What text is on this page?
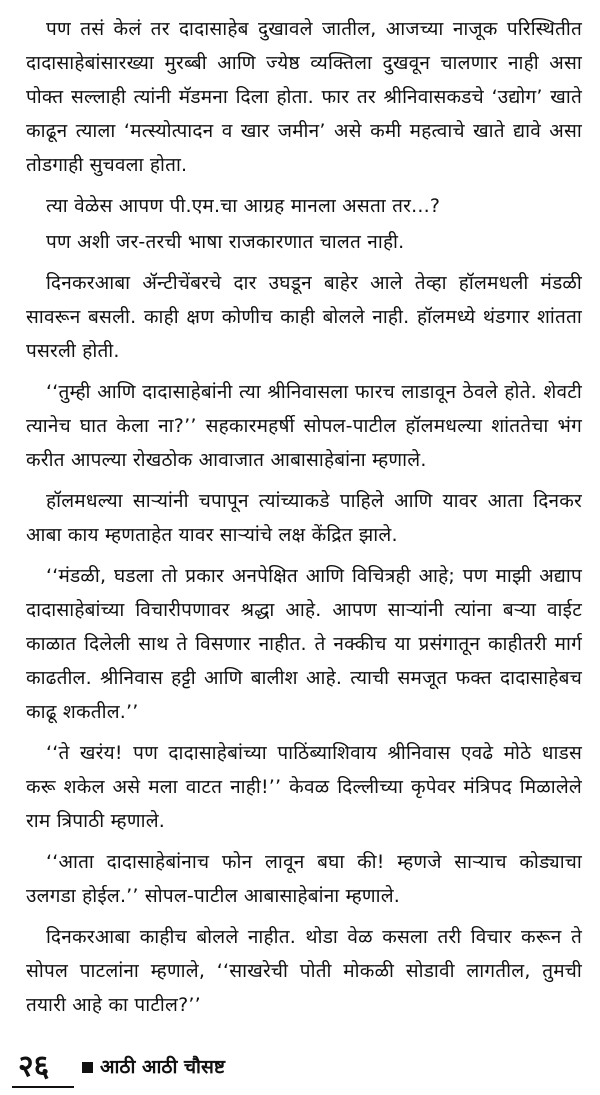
पण तसं केलं तर दादासाहेब दुखावले जातील, आजच्या नाजूक परिस्थितीत दादासाहेबांसारख्या मुरब्बी आणि ज्येष्ठ व्यक्तिला दुखवून चालणार नाही असा पोक्त सल्लाही त्यांनी मॅडमना दिला होता. फार तर श्रीनिवासकडचे ‘उद्योग’ खाते काढून त्याला ‘मत्स्योत्पादन व खार जमीन’ असे कमी महत्वाचे खाते द्यावे असा तोडगाही सुचवला होता.

त्या वेळेस आपण पी.एम.चा आग्रह मानला असता तर...?

पण अशी जर-तरची भाषा राजकारणात चालत नाही.

दिनकरआबा ॲन्टीचेंबरचे दार उघडून बाहेर आले तेव्हा हॉलमधली मंडळी सावरून बसली. काही क्षण कोणीच काही बोलले नाही. हॉलमध्ये थंडगार शांतता पसरली होती.

‘‘तुम्ही आणि दादासाहेबांनी त्या श्रीनिवासला फारच लाडावून ठेवले होते. शेवटी त्यानेच घात केला ना?’’ सहकारमहर्षी सोपल-पाटील हॉलमधल्या शांततेचा भंग करीत आपल्या रोखठोक आवाजात आबासाहेबांना म्हणाले.

हॉलमधल्या साऱ्यांनी चपापून त्यांच्याकडे पाहिले आणि यावर आता दिनकर आबा काय म्हणताहेत यावर साऱ्यांचे लक्ष केंद्रित झाले.

‘‘मंडळी, घडला तो प्रकार अनपेक्षित आणि विचित्रही आहे; पण माझी अद्याप दादासाहेबांच्या विचारीपणावर श्रद्धा आहे. आपण साऱ्यांनी त्यांना बऱ्या वाईट काळात दिलेली साथ ते विसणार नाहीत. ते नक्कीच या प्रसंगातून काहीतरी मार्ग काढतील. श्रीनिवास हट्टी आणि बालीश आहे. त्याची समजूत फक्त दादासाहेबच काढू शकतील.’’

‘‘ते खरंय! पण दादासाहेबांच्या पाठिंब्याशिवाय श्रीनिवास एवढे मोठे धाडस करू शकेल असे मला वाटत नाही!’’ केवळ दिल्लीच्या कृपेवर मंत्रिपद मिळालेले राम त्रिपाठी म्हणाले.

‘‘आता दादासाहेबांनाच फोन लावून बघा की! म्हणजे साऱ्याच कोड्याचा उलगडा होईल.’’ सोपल-पाटील आबासाहेबांना म्हणाले.

दिनकरआबा काहीच बोलले नाहीत. थोडा वेळ कसला तरी विचार करून ते सोपल पाटलांना म्हणाले, ‘‘साखरेची पोती मोकळी सोडावी लागतील, तुमची तयारी आहे का पाटील?’’

२६	आठी आठी चौसष्ट
